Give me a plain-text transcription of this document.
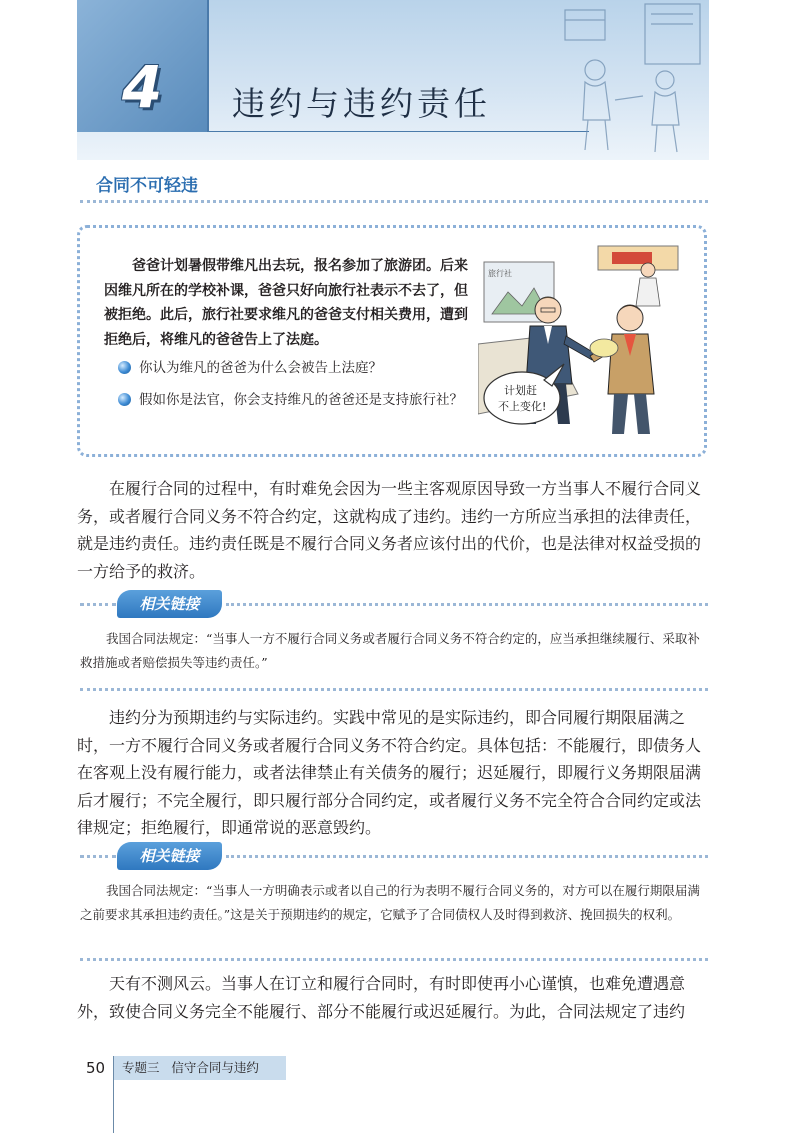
4	违约与违约责任
合同不可轻违

爸爸计划暑假带维凡出去玩，报名参加了旅游团。后来因维凡所在的学校补课，爸爸只好向旅行社表示不去了，但被拒绝。此后，旅行社要求维凡的爸爸支付相关费用，遭到拒绝后，将维凡的爸爸告上了法庭。

你认为维凡的爸爸为什么会被告上法庭？

假如你是法官，你会支持维凡的爸爸还是支持旅行社？

旅行社
计划赶
不上变化!

在履行合同的过程中，有时难免会因为一些主客观原因导致一方当事人不履行合同义务，或者履行合同义务不符合约定，这就构成了违约。违约一方所应当承担的法律责任，就是违约责任。违约责任既是不履行合同义务者应该付出的代价，也是法律对权益受损的一方给予的救济。

相关链接

我国合同法规定：“当事人一方不履行合同义务或者履行合同义务不符合约定的，应当承担继续履行、采取补救措施或者赔偿损失等违约责任。”

违约分为预期违约与实际违约。实践中常见的是实际违约，即合同履行期限届满之时，一方不履行合同义务或者履行合同义务不符合约定。具体包括：不能履行，即债务人在客观上没有履行能力，或者法律禁止有关债务的履行；迟延履行，即履行义务期限届满后才履行；不完全履行，即只履行部分合同约定，或者履行义务不完全符合合同约定或法律规定；拒绝履行，即通常说的恶意毁约。

相关链接

我国合同法规定：“当事人一方明确表示或者以自己的行为表明不履行合同义务的，对方可以在履行期限届满之前要求其承担违约责任。”这是关于预期违约的规定，它赋予了合同债权人及时得到救济、挽回损失的权利。

天有不测风云。当事人在订立和履行合同时，有时即使再小心谨慎，也难免遭遇意外，致使合同义务完全不能履行、部分不能履行或迟延履行。为此，合同法规定了违约

50 专题三   信守合同与违约
